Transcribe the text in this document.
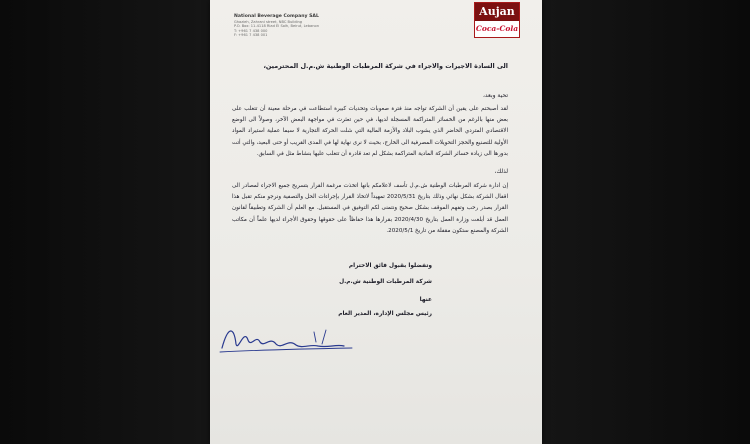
National Beverage Company SAL
Ghazieh, Zahrani street, NBC Building
P.O. Box: 11-4118 Riad El Solh, Beirut, Lebanon
T: +961 7 438 000
F: +961 7 438 001
Aujan
Coca-Cola
الى السادة الاجيرات والاجراء في شركة المرطبات الوطنية ش.م.ل المحترمين،
تحية وبعد،
لقد أصبحتم على يقين أن الشركة تواجه منذ فترة صعوبات وتحديات كبيرة استطاعت في مرحلة معينة أن تتغلب على بعض منها بالرغم من الخسائر المتراكمة المسجلة لديها، في حين تعثرت في مواجهة البعض الآخر، وصولاً الى الوضع الاقتصادي المتردي الحاضر الذي يشوب البلاد والأزمة المالية التي شلت الحركة التجارية لا سيما عملية استيراد المواد الأولية للتصنيع والحجز التحويلات المصرفية الى الخارج، بحيث لا نرى نهاية لها في المدى القريب أو حتى البعيد، والتي أتت بدورها الى زيادة خسائر الشركة المادية المتراكمة بشكل لم تعد قادرة أن تتغلب عليها بنشاط مثل في السابق.
لذلك،
إن ادارة شركة المرطبات الوطنية ش.م.ل تأسف لاعلامكم بانها اتخذت مرغمة القرار بتسريح جميع الاجراء لمصادر الى اقفال الشركة بشكل نهائي وذلك بتاريخ 2020/5/31 تمهيداً لاتخاذ القرار بإجراءات الحل والتصفية ونرجو منكم تقبل هذا القرار بصدر رحب وتفهم الموقف بشكل صحيح ونتمنى لكم التوفيق في المستقبل. مع العلم أن الشركة وتطبيقاً لقانون العمل قد أبلغت وزارة العمل بتاريخ 2020/4/30 بقرارها هذا حفاظاً على حقوقها وحقوق الأجراء لديها علماً أن مكاتب الشركة والمصنع ستكون مقفلة من تاريخ 2020/5/1.
وتفضلوا بقبول فائق الاحترام
شركة المرطبات الوطنية ش.م.ل
عنها
رئيس مجلس الإدارة، المدير العام
